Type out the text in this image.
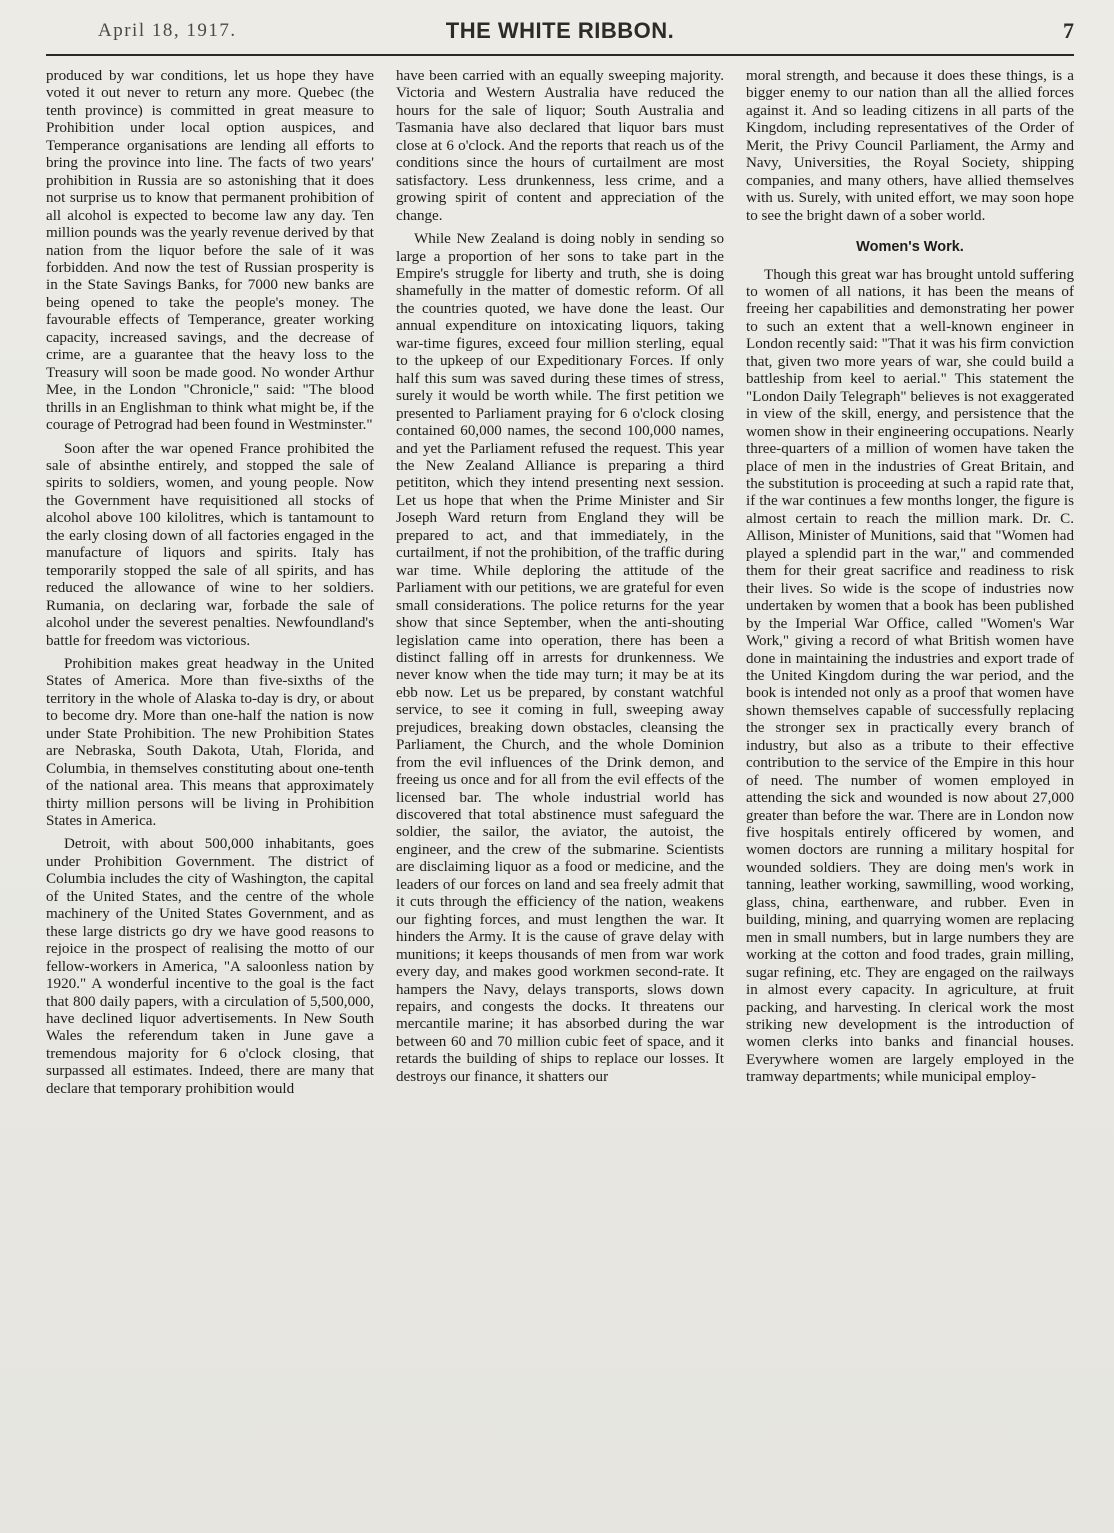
April 18, 1917.	THE WHITE RIBBON.	7

produced by war conditions, let us hope they have voted it out never to return any more. Quebec (the tenth province) is committed in great measure to Prohibition under local option auspices, and Temperance organisations are lending all efforts to bring the province into line. The facts of two years' prohibition in Russia are so astonishing that it does not surprise us to know that permanent prohibition of all alcohol is expected to become law any day. Ten million pounds was the yearly revenue derived by that nation from the liquor before the sale of it was forbidden. And now the test of Russian prosperity is in the State Savings Banks, for 7000 new banks are being opened to take the people's money. The favourable effects of Temperance, greater working capacity, increased savings, and the decrease of crime, are a guarantee that the heavy loss to the Treasury will soon be made good. No wonder Arthur Mee, in the London "Chronicle," said: "The blood thrills in an Englishman to think what might be, if the courage of Petrograd had been found in Westminster."

Soon after the war opened France prohibited the sale of absinthe entirely, and stopped the sale of spirits to soldiers, women, and young people. Now the Government have requisitioned all stocks of alcohol above 100 kilolitres, which is tantamount to the early closing down of all factories engaged in the manufacture of liquors and spirits. Italy has temporarily stopped the sale of all spirits, and has reduced the allowance of wine to her soldiers. Rumania, on declaring war, forbade the sale of alcohol under the severest penalties. Newfoundland's battle for freedom was victorious.

Prohibition makes great headway in the United States of America. More than five-sixths of the territory in the whole of Alaska to-day is dry, or about to become dry. More than one-half the nation is now under State Prohibition. The new Prohibition States are Nebraska, South Dakota, Utah, Florida, and Columbia, in themselves constituting about one-tenth of the national area. This means that approximately thirty million persons will be living in Prohibition States in America.

Detroit, with about 500,000 inhabitants, goes under Prohibition Government. The district of Columbia includes the city of Washington, the capital of the United States, and the centre of the whole machinery of the United States Government, and as these large districts go dry we have good reasons to rejoice in the prospect of realising the motto of our fellow-workers in America, "A saloonless nation by 1920." A wonderful incentive to the goal is the fact that 800 daily papers, with a circulation of 5,500,000, have declined liquor advertisements. In New South Wales the referendum taken in June gave a tremendous majority for 6 o'clock closing, that surpassed all estimates. Indeed, there are many that declare that temporary prohibition would

have been carried with an equally sweeping majority. Victoria and Western Australia have reduced the hours for the sale of liquor; South Australia and Tasmania have also declared that liquor bars must close at 6 o'clock. And the reports that reach us of the conditions since the hours of curtailment are most satisfactory. Less drunkenness, less crime, and a growing spirit of content and appreciation of the change.

While New Zealand is doing nobly in sending so large a proportion of her sons to take part in the Empire's struggle for liberty and truth, she is doing shamefully in the matter of domestic reform. Of all the countries quoted, we have done the least. Our annual expenditure on intoxicating liquors, taking war-time figures, exceed four million sterling, equal to the upkeep of our Expeditionary Forces. If only half this sum was saved during these times of stress, surely it would be worth while. The first petition we presented to Parliament praying for 6 o'clock closing contained 60,000 names, the second 100,000 names, and yet the Parliament refused the request. This year the New Zealand Alliance is preparing a third petititon, which they intend presenting next session. Let us hope that when the Prime Minister and Sir Joseph Ward return from England they will be prepared to act, and that immediately, in the curtailment, if not the prohibition, of the traffic during war time. While deploring the attitude of the Parliament with our petitions, we are grateful for even small considerations. The police returns for the year show that since September, when the anti-shouting legislation came into operation, there has been a distinct falling off in arrests for drunkenness. We never know when the tide may turn; it may be at its ebb now. Let us be prepared, by constant watchful service, to see it coming in full, sweeping away prejudices, breaking down obstacles, cleansing the Parliament, the Church, and the whole Dominion from the evil influences of the Drink demon, and freeing us once and for all from the evil effects of the licensed bar. The whole industrial world has discovered that total abstinence must safeguard the soldier, the sailor, the aviator, the autoist, the engineer, and the crew of the submarine. Scientists are disclaiming liquor as a food or medicine, and the leaders of our forces on land and sea freely admit that it cuts through the efficiency of the nation, weakens our fighting forces, and must lengthen the war. It hinders the Army. It is the cause of grave delay with munitions; it keeps thousands of men from war work every day, and makes good workmen second-rate. It hampers the Navy, delays transports, slows down repairs, and congests the docks. It threatens our mercantile marine; it has absorbed during the war between 60 and 70 million cubic feet of space, and it retards the building of ships to replace our losses. It destroys our finance, it shatters our

moral strength, and because it does these things, is a bigger enemy to our nation than all the allied forces against it. And so leading citizens in all parts of the Kingdom, including representatives of the Order of Merit, the Privy Council Parliament, the Army and Navy, Universities, the Royal Society, shipping companies, and many others, have allied themselves with us. Surely, with united effort, we may soon hope to see the bright dawn of a sober world.

Women's Work.

Though this great war has brought untold suffering to women of all nations, it has been the means of freeing her capabilities and demonstrating her power to such an extent that a well-known engineer in London recently said: "That it was his firm conviction that, given two more years of war, she could build a battleship from keel to aerial." This statement the "London Daily Telegraph" believes is not exaggerated in view of the skill, energy, and persistence that the women show in their engineering occupations. Nearly three-quarters of a million of women have taken the place of men in the industries of Great Britain, and the substitution is proceeding at such a rapid rate that, if the war continues a few months longer, the figure is almost certain to reach the million mark. Dr. C. Allison, Minister of Munitions, said that "Women had played a splendid part in the war," and commended them for their great sacrifice and readiness to risk their lives. So wide is the scope of industries now undertaken by women that a book has been published by the Imperial War Office, called "Women's War Work," giving a record of what British women have done in maintaining the industries and export trade of the United Kingdom during the war period, and the book is intended not only as a proof that women have shown themselves capable of successfully replacing the stronger sex in practically every branch of industry, but also as a tribute to their effective contribution to the service of the Empire in this hour of need. The number of women employed in attending the sick and wounded is now about 27,000 greater than before the war. There are in London now five hospitals entirely officered by women, and women doctors are running a military hospital for wounded soldiers. They are doing men's work in tanning, leather working, sawmilling, wood working, glass, china, earthenware, and rubber. Even in building, mining, and quarrying women are replacing men in small numbers, but in large numbers they are working at the cotton and food trades, grain milling, sugar refining, etc. They are engaged on the railways in almost every capacity. In agriculture, at fruit packing, and harvesting. In clerical work the most striking new development is the introduction of women clerks into banks and financial houses. Everywhere women are largely employed in the tramway departments; while municipal employ-
